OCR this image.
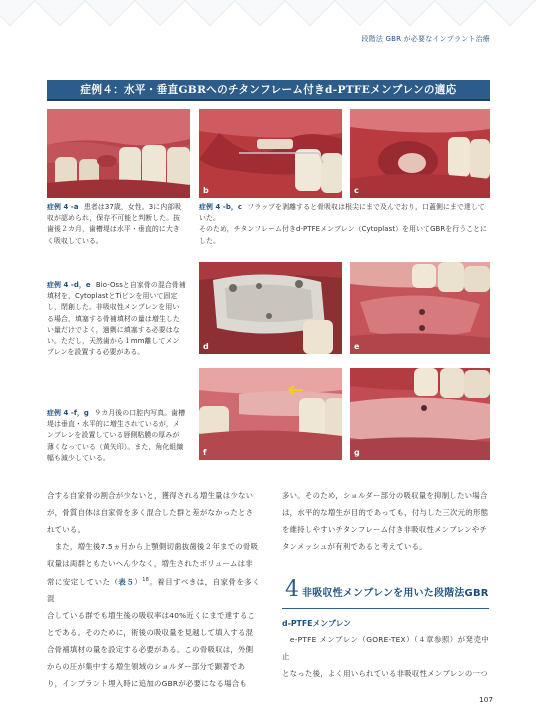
段階法 GBR が必要なインプラント治療
症例４：水平・垂直GBRへのチタンフレーム付きd-PTFEメンブレンの適応
b	c
d	e
f	g

症例 4 -a 患者は37歳，女性。3に内部吸

収が認められ，保存不可能と判断した。抜

歯後２カ月，歯槽堤は水平・垂直的に大き

く吸収している。

症例 4 -b，c フラップを剥離すると骨吸収は根尖にまで及んでおり，口蓋側にまで達していた。

そのため，チタンフレーム付きd-PTFEメンブレン（Cytoplast）を用いてGBRを行うことに

した。

症例 4 -d，e Bio-Ossと自家骨の混合骨補

填材を，CytoplastとTiピンを用いて固定

し，閉創した。非吸収性メンブレンを用い

る場合，填塞する骨補填材の量は増生した

い量だけでよく，過剰に填塞する必要はな

い。ただし，天然歯から１mm離してメン

ブレンを設置する必要がある。

症例 4 -f，g ９カ月後の口腔内写真。歯槽

堤は垂直・水平的に増生されているが，メ

ンブレンを設置している唇側粘膜の厚みが

薄くなっている（黄矢印）。また，角化組織

幅も減少している。

合する自家骨の割合が少ないと，獲得される増生量は少ない

が，骨質自体は自家骨を多く混合した群と差がなかったとさ

れている。

　また，増生後7.5ヵ月から上顎側切歯抜歯後２年までの骨吸

収量は両群ともたいへん少なく，増生されたボリュームは非

常に安定していた（表５）$^{18}$。着目すべきは，自家骨を多く混

合している群でも増生後の吸収率は40%近くにまで達するこ

とである。そのために，術後の吸収量を見越して填入する混

合骨補填材の量を設定する必要がある。この骨吸収は，外側

からの圧が集中する増生領域のショルダー部分で顕著であ

り，インプラント埋入時に追加のGBRが必要になる場合も

多い。そのため，ショルダー部分の吸収量を抑制したい場合

は，水平的な増生が目的であっても，付与した三次元的形態

を維持しやすいチタンフレーム付き非吸収性メンブレンやチ

タンメッシュが有利であると考えている。

4 非吸収性メンブレンを用いた段階法GBR
d-PTFEメンブレン

　e-PTFE メンブレン（GORE-TEX）（４章参照）が発売中止

となった後，よく用いられている非吸収性メンブレンの一つ

107
